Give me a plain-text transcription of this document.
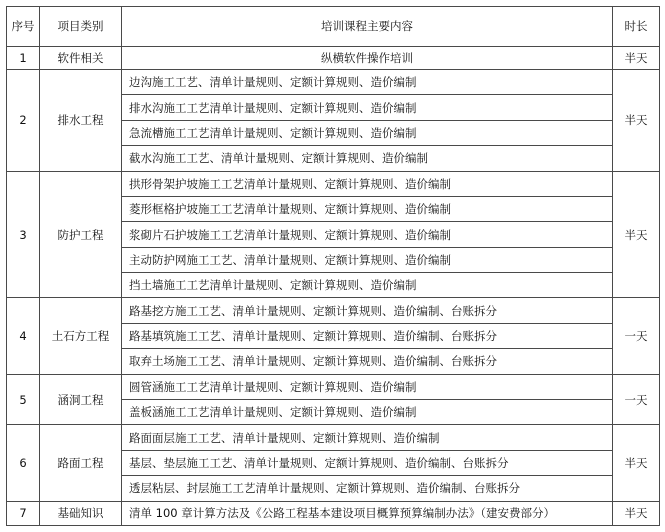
序号	项目类别	培训课程主要内容	时长
1	软件相关	纵横软件操作培训	半天
2	排水工程	边沟施工工艺、清单计量规则、定额计算规则、造价编制	半天
		排水沟施工工艺清单计量规则、定额计算规则、造价编制	
		急流槽施工工艺清单计量规则、定额计算规则、造价编制	
		截水沟施工工艺、清单计量规则、定额计算规则、造价编制	
3	防护工程	拱形骨架护坡施工工艺清单计量规则、定额计算规则、造价编制	半天
		菱形框格护坡施工工艺清单计量规则、定额计算规则、造价编制	
		浆砌片石护坡施工工艺清单计量规则、定额计算规则、造价编制	
		主动防护网施工工艺、清单计量规则、定额计算规则、造价编制	
		挡土墙施工工艺清单计量规则、定额计算规则、造价编制	
4	土石方工程	路基挖方施工工艺、清单计量规则、定额计算规则、造价编制、台账拆分	一天
		路基填筑施工工艺、清单计量规则、定额计算规则、造价编制、台账拆分	
		取弃土场施工工艺、清单计量规则、定额计算规则、造价编制、台账拆分	
5	涵洞工程	圆管涵施工工艺清单计量规则、定额计算规则、造价编制	一天
		盖板涵施工工艺清单计量规则、定额计算规则、造价编制	
6	路面工程	路面面层施工工艺、清单计量规则、定额计算规则、造价编制	半天
		基层、垫层施工工艺、清单计量规则、定额计算规则、造价编制、台账拆分	
		透层粘层、封层施工工艺清单计量规则、定额计算规则、造价编制、台账拆分	
7	基础知识	清单 100 章计算方法及《公路工程基本建设项目概算预算编制办法》（建安费部分）	半天
